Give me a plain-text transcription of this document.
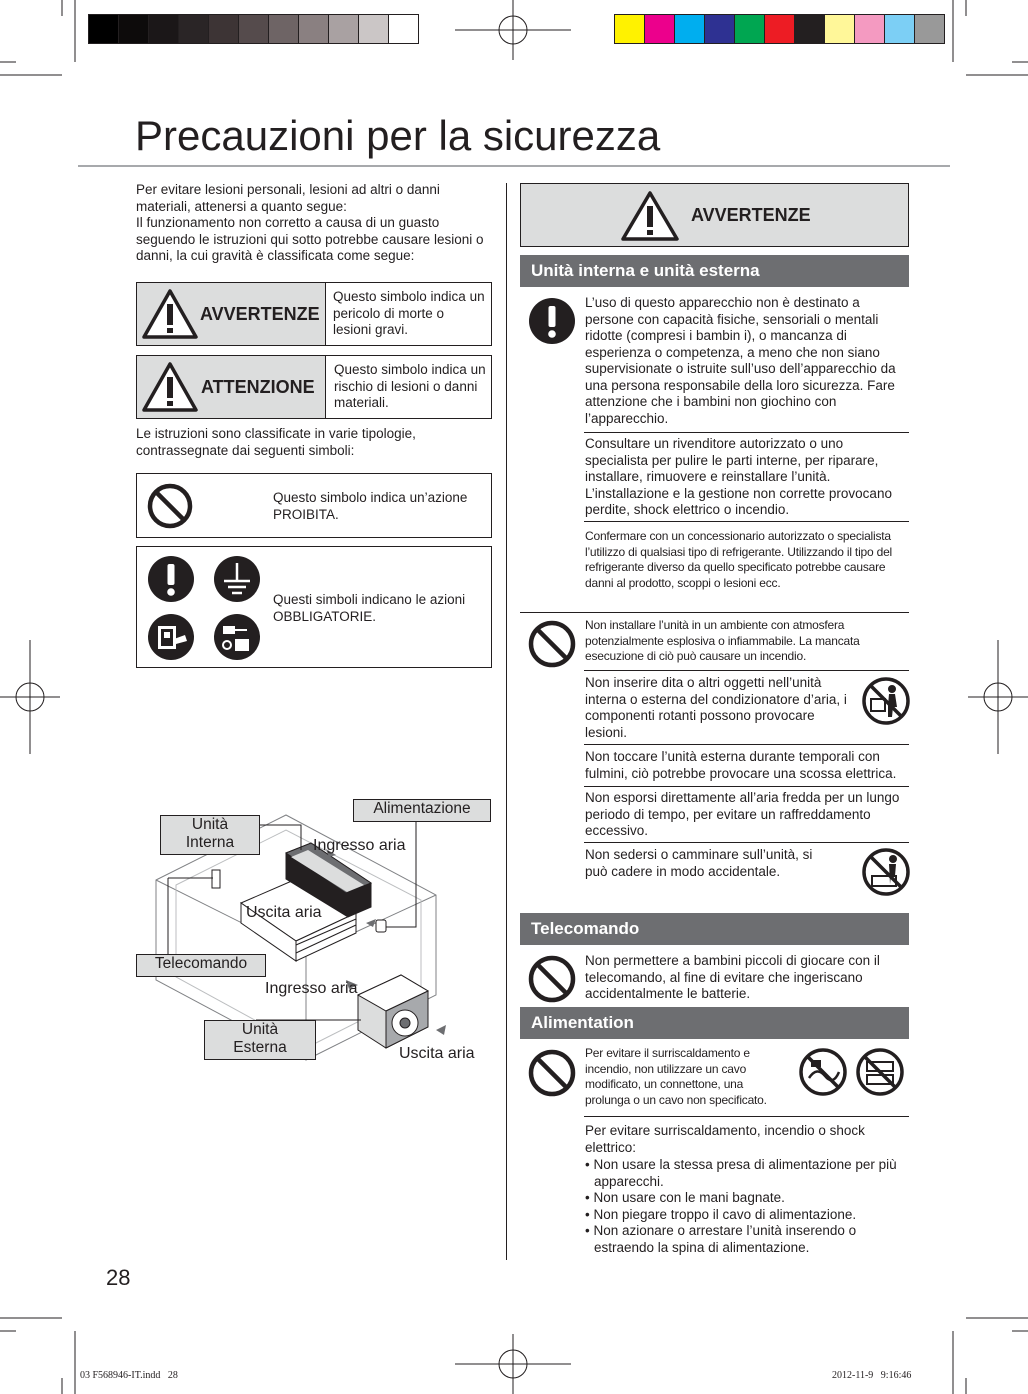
Precauzioni per la sicurezza
Per evitare lesioni personali, lesioni ad altri o danni materiali, attenersi a quanto segue:
Il funzionamento non corretto a causa di un guasto seguendo le istruzioni qui sotto potrebbe causare lesioni o danni, la cui gravità è classificata come segue:
AVVERTENZE
Questo simbolo indica un pericolo di morte o lesioni gravi.
ATTENZIONE
Questo simbolo indica un rischio di lesioni o danni materiali.
Le istruzioni sono classificate in varie tipologie, contrassegnate dai seguenti simboli:
Questo simbolo indica un’azione PROIBITA.
Questi simboli indicano le azioni OBBLIGATORIE.
Unità
Interna
Alimentazione
Ingresso aria
Uscita aria
Telecomando
Ingresso aria
Unità
Esterna	Uscita aria
AVVERTENZE
Unità interna e unità esterna
L’uso di questo apparecchio non è destinato a persone con capacità fisiche, sensoriali o mentali ridotte (compresi i bambin i), o mancanza di esperienza o competenza, a meno che non siano supervisionate o istruite sull’uso dell’apparecchio da una persona responsabile della loro sicurezza. Fare attenzione che i bambini non giochino con l’apparecchio.
Consultare un rivenditore autorizzato o uno specialista per pulire le parti interne, per riparare, installare, rimuovere e reinstallare l’unità. L’installazione e la gestione non corrette provocano perdite, shock elettrico o incendio.
Confermare con un concessionario autorizzato o specialista l’utilizzo di qualsiasi tipo di refrigerante. Utilizzando il tipo del refrigerante diverso da quello specificato potrebbe causare danni al prodotto, scoppi o lesioni ecc.
Non installare l’unità in un ambiente con atmosfera potenzialmente esplosiva o infiammabile. La mancata esecuzione di ciò può causare un incendio.
Non inserire dita o altri oggetti nell’unità interna o esterna del condizionatore d’aria, i componenti rotanti possono provocare lesioni.
Non toccare l’unità esterna durante temporali con fulmini, ciò potrebbe provocare una scossa elettrica.
Non esporsi direttamente all’aria fredda per un lungo periodo di tempo, per evitare un raffreddamento eccessivo.
Non sedersi o camminare sull’unità, si può cadere in modo accidentale.
Telecomando
Non permettere a bambini piccoli di giocare con il telecomando, al fine di evitare che ingeriscano accidentalmente le batterie.
Alimentation
Per evitare il surriscaldamento e incendio, non utilizzare un cavo modificato, un connettone, una prolunga o un cavo non specificato.
Per evitare surriscaldamento, incendio o shock elettrico:
• Non usare la stessa presa di alimentazione per più apparecchi.
• Non usare con le mani bagnate.
• Non piegare troppo il cavo di alimentazione.
• Non azionare o arrestare l’unità inserendo o estraendo la spina di alimentazione.
28
03 F568946-IT.indd   28	2012-11-9   9:16:46
